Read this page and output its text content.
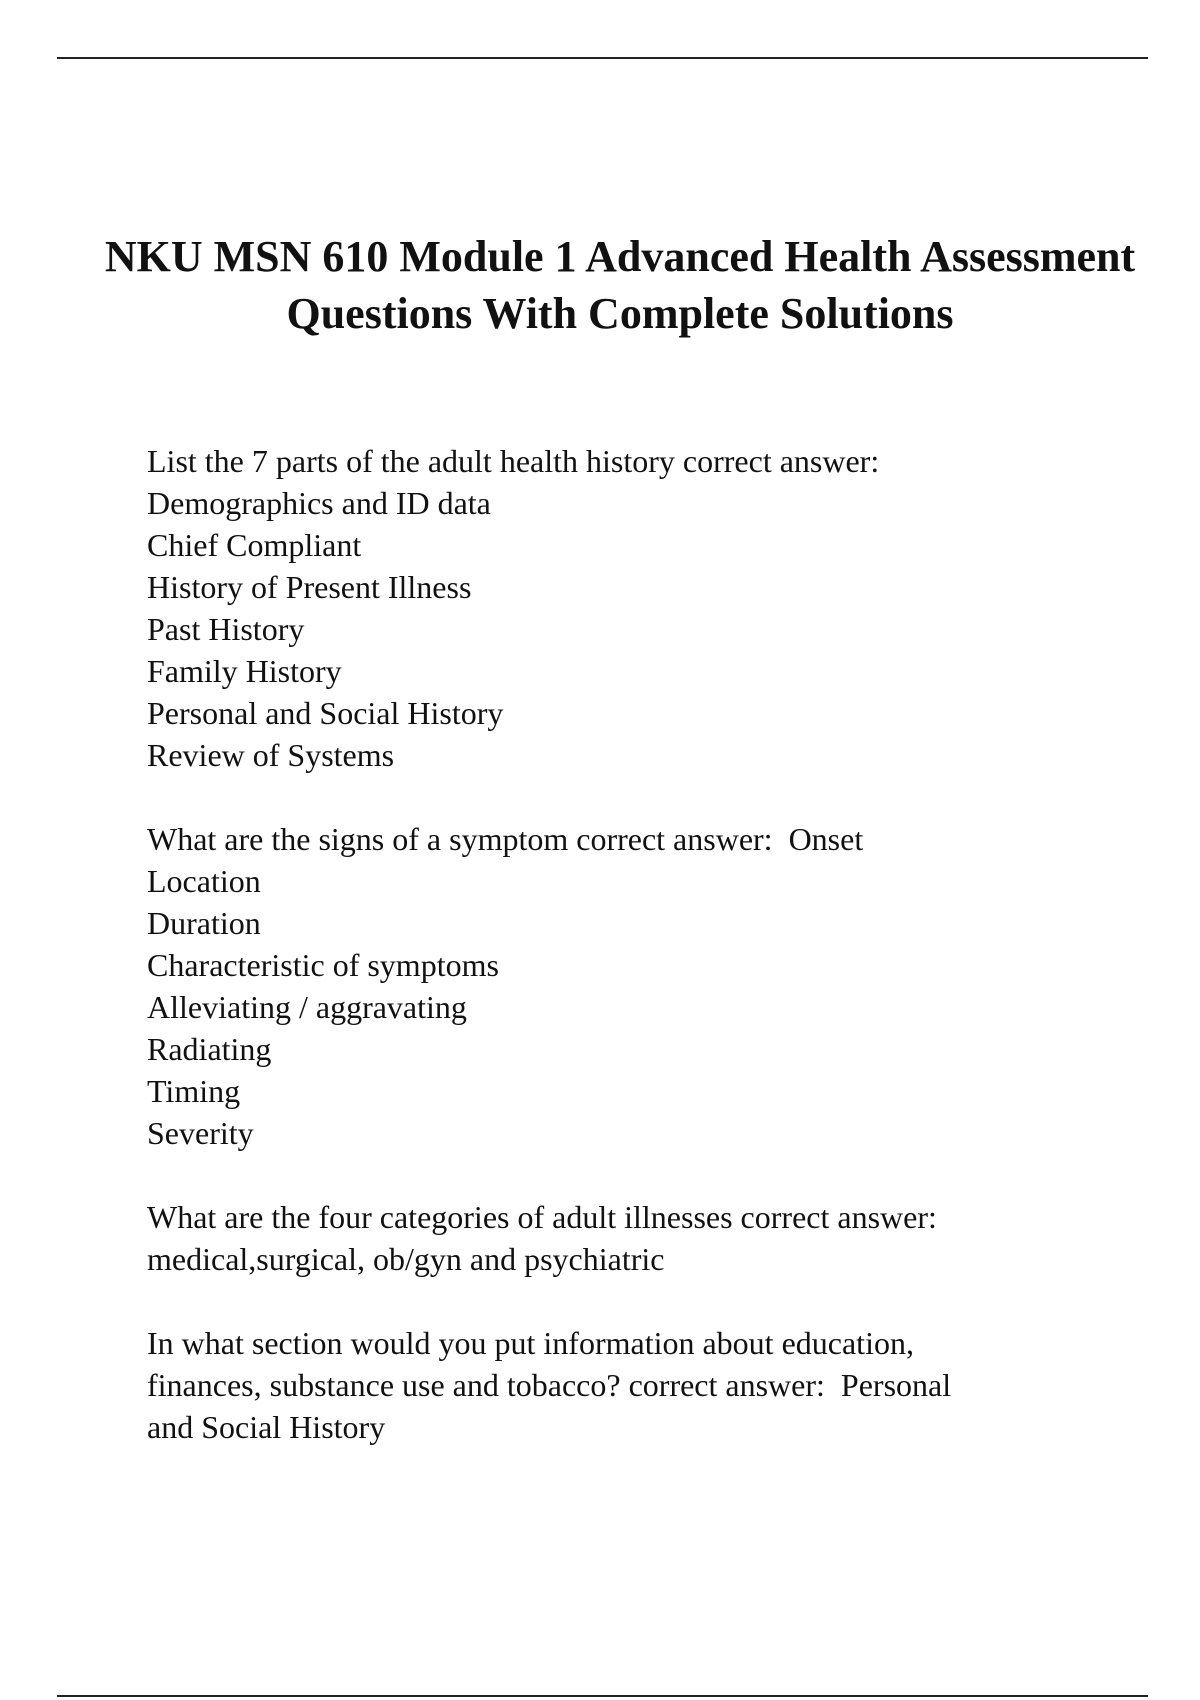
NKU MSN 610 Module 1 Advanced Health Assessment Questions With Complete Solutions
List the 7 parts of the adult health history correct answer:
Demographics and ID data
Chief Compliant
History of Present Illness
Past History
Family History
Personal and Social History
Review of Systems
What are the signs of a symptom correct answer:  Onset
Location
Duration
Characteristic of symptoms
Alleviating / aggravating
Radiating
Timing
Severity
What are the four categories of adult illnesses correct answer:
medical,surgical, ob/gyn and psychiatric
In what section would you put information about education,
finances, substance use and tobacco? correct answer:  Personal
and Social History
